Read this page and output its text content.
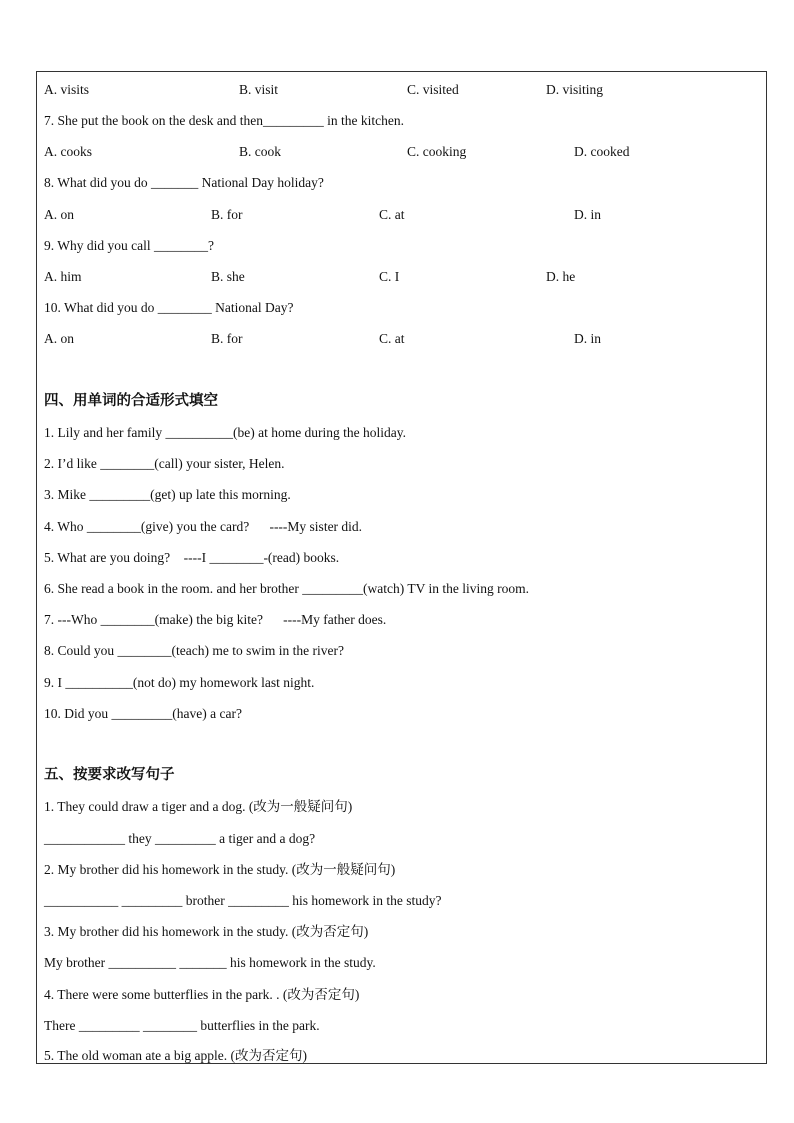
A. visits	B. visit	C. visited	D. visiting
7. She put the book on the desk and then_________ in the kitchen.
A. cooks	B. cook	C. cooking	D. cooked
8. What did you do _______ National Day holiday?
A. on	B. for	C. at	D. in
9. Why did you call ________?
A. him	B. she	C. I	D. he
10. What did you do ________ National Day?
A. on	B. for	C. at	D. in
四、用单词的合适形式填空
1. Lily and her family __________(be) at home during the holiday.
2. I’d like ________(call) your sister, Helen.
3. Mike _________(get) up late this morning.
4. Who ________(give) you the card?      ----My sister did.
5. What are you doing?    ----I ________-(read) books.
6. She read a book in the room. and her brother _________(watch) TV in the living room.
7. ---Who ________(make) the big kite?      ----My father does.
8. Could you ________(teach) me to swim in the river?
9. I __________(not do) my homework last night.
10. Did you _________(have) a car?
五、按要求改写句子
1. They could draw a tiger and a dog. (改为一般疑问句)
____________ they _________ a tiger and a dog?
2. My brother did his homework in the study. (改为一般疑问句)
___________ _________ brother _________ his homework in the study?
3. My brother did his homework in the study. (改为否定句)
My brother __________ _______ his homework in the study.
4. There were some butterflies in the park. . (改为否定句)
There _________ ________ butterflies in the park.
5. The old woman ate a big apple. (改为否定句)
